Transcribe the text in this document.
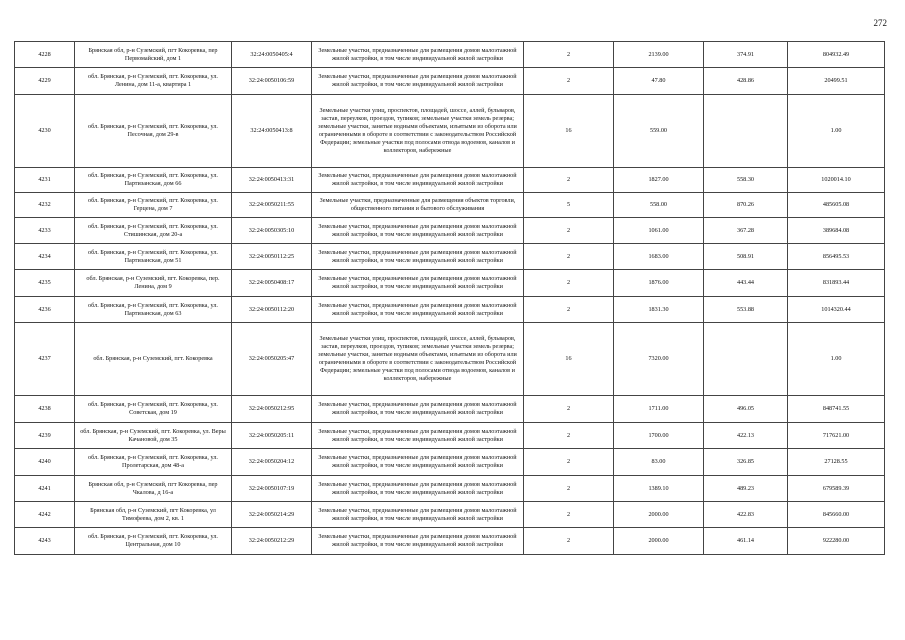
272
4228	Брянская обл, р-н Суземский, пгт Кокоревка, пер Первомайский, дом 1	32:24:0050405:4	Земельные участки, предназначенные для размещения домов малоэтажной жилой застройки, в том числе индивидуальной жилой застройки	2	2139.00	374.91	804932.49
4229	обл. Брянская, р-н Суземский, пгт. Кокоревка, ул. Ленина, дом 11-а, квартира 1	32:24:0050106:59	Земельные участки, предназначенные для размещения домов малоэтажной жилой застройки, в том числе индивидуальной жилой застройки	2	47.80	428.86	20499.51
4230	обл. Брянская, р-н Суземский, пгт. Кокоревка, ул. Песочная, дом 29-в	32:24:0050413:8	Земельные участки улиц, проспектов, площадей, шоссе, аллей, бульваров, застав, переулков, проездов, тупиков; земельные участки земель резерва; земельные участки, занятые водными объектами, изъятыми из оборота или ограниченными в обороте в соответствии с законодательством Российской Федерации; земельные участки под полосами отвода водоемов, каналов и коллекторов, набережные	16	559.00		1.00
4231	обл. Брянская, р-н Суземский, пгт. Кокоревка, ул. Партизанская, дом 66	32:24:0050413:31	Земельные участки, предназначенные для размещения домов малоэтажной жилой застройки, в том числе индивидуальной жилой застройки	2	1827.00	558.30	1020014.10
4232	обл. Брянская, р-н Суземский, пгт. Кокоревка, ул. Герцена, дом 7	32:24:0050211:55	Земельные участки, предназначенные для размещения объектов торговли, общественного питания и бытового обслуживания	5	558.00	870.26	485605.08
4233	обл. Брянская, р-н Суземский, пгт. Кокоревка, ул. Стишинская, дом 20-а	32:24:0050305:10	Земельные участки, предназначенные для размещения домов малоэтажной жилой застройки, в том числе индивидуальной жилой застройки	2	1061.00	367.28	389684.08
4234	обл. Брянская, р-н Суземский, пгт. Кокоревка, ул. Партизанская, дом 51	32:24:0050112:25	Земельные участки, предназначенные для размещения домов малоэтажной жилой застройки, в том числе индивидуальной жилой застройки	2	1683.00	508.91	856495.53
4235	обл. Брянская, р-н Суземский, пгт. Кокоревка, пер. Ленина, дом 9	32:24:0050408:17	Земельные участки, предназначенные для размещения домов малоэтажной жилой застройки, в том числе индивидуальной жилой застройки	2	1876.00	443.44	831893.44
4236	обл. Брянская, р-н Суземский, пгт. Кокоревка, ул. Партизанская, дом 63	32:24:0050112:20	Земельные участки, предназначенные для размещения домов малоэтажной жилой застройки, в том числе индивидуальной жилой застройки	2	1831.30	553.88	1014320.44
4237	обл. Брянская, р-н Суземский, пгт. Кокоревка	32:24:0050205:47	Земельные участки улиц, проспектов, площадей, шоссе, аллей, бульваров, застав, переулков, проездов, тупиков; земельные участки земель резерва; земельные участки, занятые водными объектами, изъятыми из оборота или ограниченными в обороте в соответствии с законодательством Российской Федерации; земельные участки под полосами отвода водоемов, каналов и коллекторов, набережные	16	7320.00		1.00
4238	обл. Брянская, р-н Суземский, пгт. Кокоревка, ул. Советская, дом 19	32:24:0050212:95	Земельные участки, предназначенные для размещения домов малоэтажной жилой застройки, в том числе индивидуальной жилой застройки	2	1711.00	496.05	848741.55
4239	обл. Брянская, р-н Суземский, пгт. Кокоревка, ул. Веры Качановой, дом 35	32:24:0050205:11	Земельные участки, предназначенные для размещения домов малоэтажной жилой застройки, в том числе индивидуальной жилой застройки	2	1700.00	422.13	717621.00
4240	обл. Брянская, р-н Суземский, пгт. Кокоревка, ул. Пролетарская, дом 48-а	32:24:0050204:12	Земельные участки, предназначенные для размещения домов малоэтажной жилой застройки, в том числе индивидуальной жилой застройки	2	83.00	326.85	27128.55
4241	Брянская обл, р-н Суземский, пгт Кокоревка, пер Чкалова, д 16-а	32:24:0050107:19	Земельные участки, предназначенные для размещения домов малоэтажной жилой застройки, в том числе индивидуальной жилой застройки	2	1389.10	489.23	679589.39
4242	Брянская обл, р-н Суземский, пгт Кокоревка, ул Тимофеева, дом 2, кв. 1	32:24:0050214:29	Земельные участки, предназначенные для размещения домов малоэтажной жилой застройки, в том числе индивидуальной жилой застройки	2	2000.00	422.83	845660.00
4243	обл. Брянская, р-н Суземский, пгт. Кокоревка, ул. Центральная, дом 10	32:24:0050212:29	Земельные участки, предназначенные для размещения домов малоэтажной жилой застройки, в том числе индивидуальной жилой застройки	2	2000.00	461.14	922280.00
